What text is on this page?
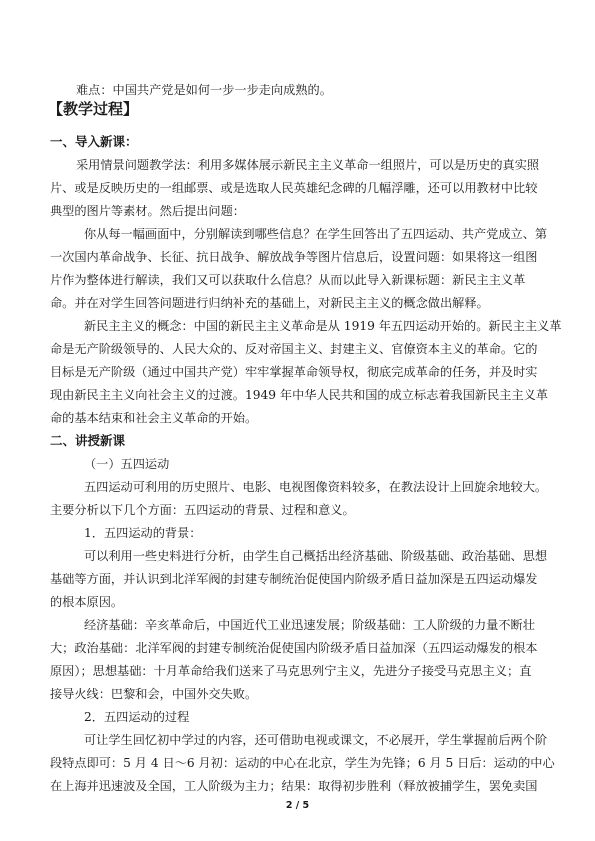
难点：中国共产党是如何一步一步走向成熟的。
【教学过程】
一、导入新课：
采用情景问题教学法：利用多媒体展示新民主主义革命一组照片，可以是历史的真实照
片、或是反映历史的一组邮票、或是选取人民英雄纪念碑的几幅浮雕，还可以用教材中比较
典型的图片等素材。然后提出问题：
你从每一幅画面中，分别解读到哪些信息？在学生回答出了五四运动、共产党成立、第
一次国内革命战争、长征、抗日战争、解放战争等图片信息后，设置问题：如果将这一组图
片作为整体进行解读，我们又可以获取什么信息？从而以此导入新课标题：新民主主义革
命。并在对学生回答问题进行归纳补充的基础上，对新民主主义的概念做出解释。
新民主主义的概念：中国的新民主主义革命是从 1919 年五四运动开始的。新民主主义革
命是无产阶级领导的、人民大众的、反对帝国主义、封建主义、官僚资本主义的革命。它的
目标是无产阶级（通过中国共产党）牢牢掌握革命领导权，彻底完成革命的任务，并及时实
现由新民主主义向社会主义的过渡。1949 年中华人民共和国的成立标志着我国新民主主义革
命的基本结束和社会主义革命的开始。
二、讲授新课
（一）五四运动
五四运动可利用的历史照片、电影、电视图像资料较多，在教法设计上回旋余地较大。
主要分析以下几个方面：五四运动的背景、过程和意义。
1．五四运动的背景：
可以利用一些史料进行分析，由学生自己概括出经济基础、阶级基础、政治基础、思想
基础等方面，并认识到北洋军阀的封建专制统治促使国内阶级矛盾日益加深是五四运动爆发
的根本原因。
经济基础：辛亥革命后，中国近代工业迅速发展；阶级基础：工人阶级的力量不断壮
大；政治基础：北洋军阀的封建专制统治促使国内阶级矛盾日益加深（五四运动爆发的根本
原因）；思想基础：十月革命给我们送来了马克思列宁主义，先进分子接受马克思主义；直
接导火线：巴黎和会，中国外交失败。
2．五四运动的过程
可让学生回忆初中学过的内容，还可借助电视或课文，不必展开，学生掌握前后两个阶
段特点即可：5 月 4 日～6 月初：运动的中心在北京，学生为先锋；6 月 5 日后：运动的中心
在上海并迅速波及全国，工人阶级为主力；结果：取得初步胜利（释放被捕学生，罢免卖国
2 / 5
